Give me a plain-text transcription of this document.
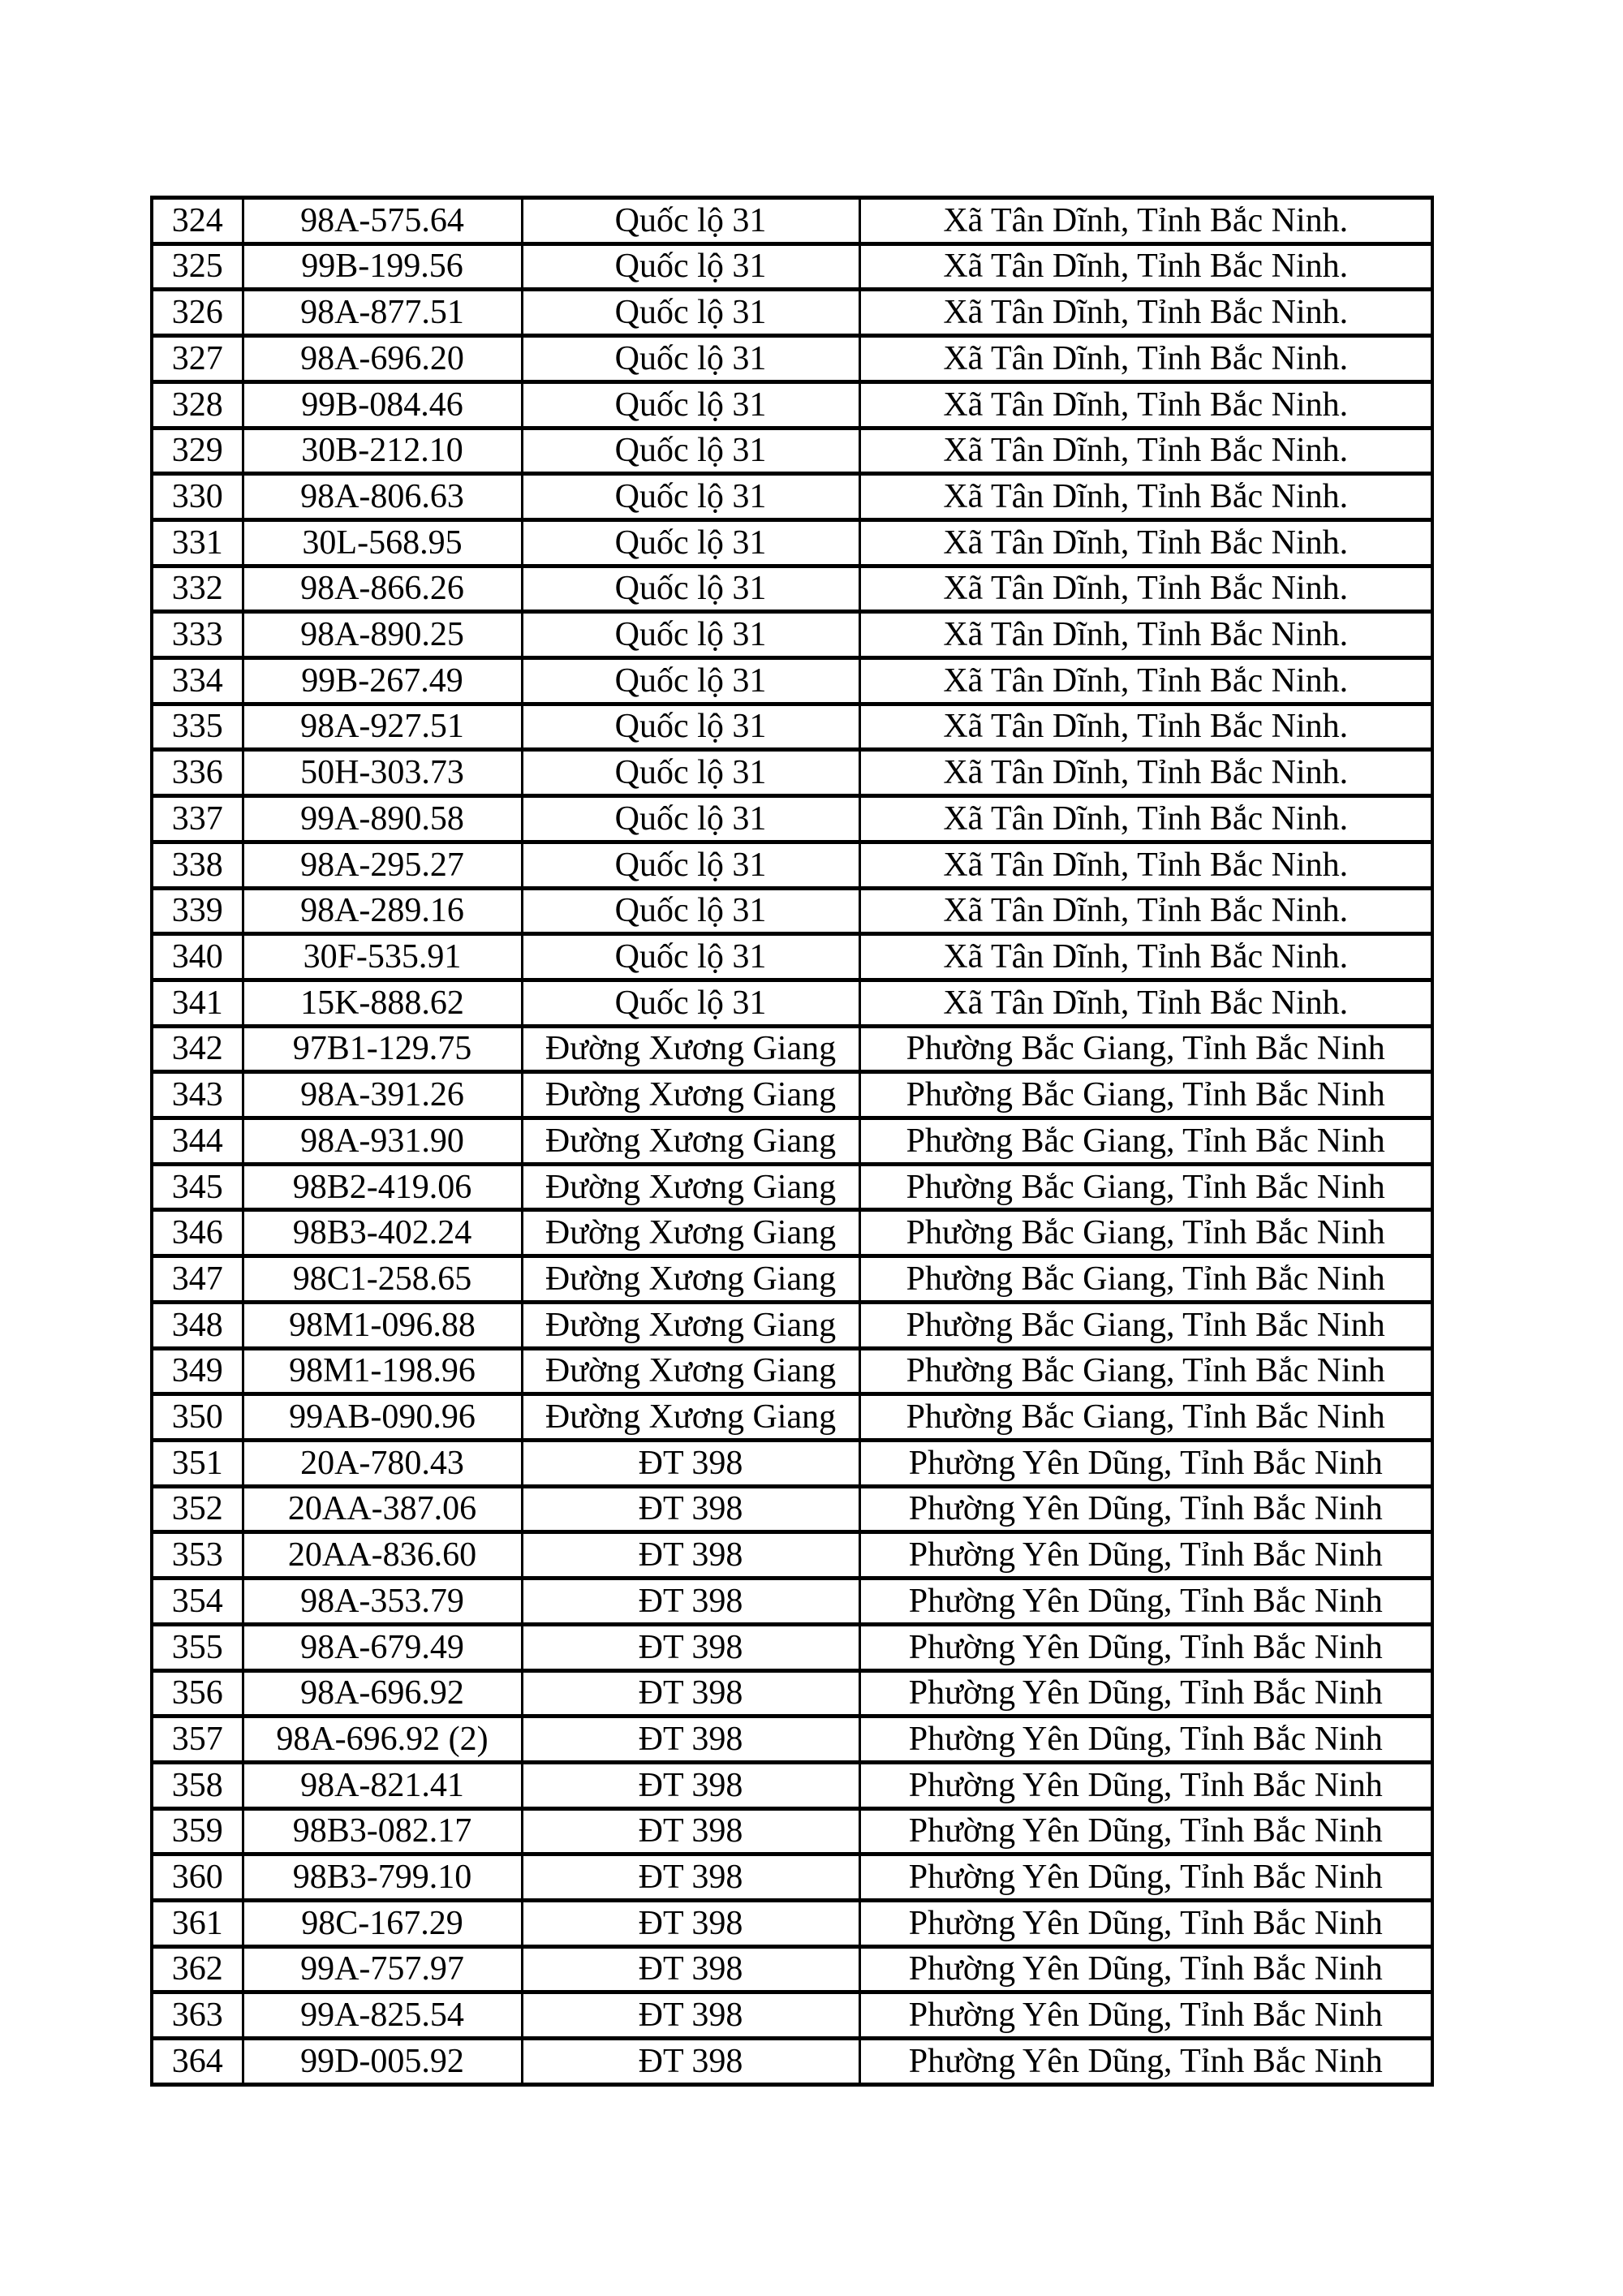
324	98A-575.64	Quốc lộ 31	Xã Tân Dĩnh, Tỉnh Bắc Ninh.
325	99B-199.56	Quốc lộ 31	Xã Tân Dĩnh, Tỉnh Bắc Ninh.
326	98A-877.51	Quốc lộ 31	Xã Tân Dĩnh, Tỉnh Bắc Ninh.
327	98A-696.20	Quốc lộ 31	Xã Tân Dĩnh, Tỉnh Bắc Ninh.
328	99B-084.46	Quốc lộ 31	Xã Tân Dĩnh, Tỉnh Bắc Ninh.
329	30B-212.10	Quốc lộ 31	Xã Tân Dĩnh, Tỉnh Bắc Ninh.
330	98A-806.63	Quốc lộ 31	Xã Tân Dĩnh, Tỉnh Bắc Ninh.
331	30L-568.95	Quốc lộ 31	Xã Tân Dĩnh, Tỉnh Bắc Ninh.
332	98A-866.26	Quốc lộ 31	Xã Tân Dĩnh, Tỉnh Bắc Ninh.
333	98A-890.25	Quốc lộ 31	Xã Tân Dĩnh, Tỉnh Bắc Ninh.
334	99B-267.49	Quốc lộ 31	Xã Tân Dĩnh, Tỉnh Bắc Ninh.
335	98A-927.51	Quốc lộ 31	Xã Tân Dĩnh, Tỉnh Bắc Ninh.
336	50H-303.73	Quốc lộ 31	Xã Tân Dĩnh, Tỉnh Bắc Ninh.
337	99A-890.58	Quốc lộ 31	Xã Tân Dĩnh, Tỉnh Bắc Ninh.
338	98A-295.27	Quốc lộ 31	Xã Tân Dĩnh, Tỉnh Bắc Ninh.
339	98A-289.16	Quốc lộ 31	Xã Tân Dĩnh, Tỉnh Bắc Ninh.
340	30F-535.91	Quốc lộ 31	Xã Tân Dĩnh, Tỉnh Bắc Ninh.
341	15K-888.62	Quốc lộ 31	Xã Tân Dĩnh, Tỉnh Bắc Ninh.
342	97B1-129.75	Đường Xương Giang	Phường Bắc Giang, Tỉnh Bắc Ninh
343	98A-391.26	Đường Xương Giang	Phường Bắc Giang, Tỉnh Bắc Ninh
344	98A-931.90	Đường Xương Giang	Phường Bắc Giang, Tỉnh Bắc Ninh
345	98B2-419.06	Đường Xương Giang	Phường Bắc Giang, Tỉnh Bắc Ninh
346	98B3-402.24	Đường Xương Giang	Phường Bắc Giang, Tỉnh Bắc Ninh
347	98C1-258.65	Đường Xương Giang	Phường Bắc Giang, Tỉnh Bắc Ninh
348	98M1-096.88	Đường Xương Giang	Phường Bắc Giang, Tỉnh Bắc Ninh
349	98M1-198.96	Đường Xương Giang	Phường Bắc Giang, Tỉnh Bắc Ninh
350	99AB-090.96	Đường Xương Giang	Phường Bắc Giang, Tỉnh Bắc Ninh
351	20A-780.43	ĐT 398	Phường Yên Dũng, Tỉnh Bắc Ninh
352	20AA-387.06	ĐT 398	Phường Yên Dũng, Tỉnh Bắc Ninh
353	20AA-836.60	ĐT 398	Phường Yên Dũng, Tỉnh Bắc Ninh
354	98A-353.79	ĐT 398	Phường Yên Dũng, Tỉnh Bắc Ninh
355	98A-679.49	ĐT 398	Phường Yên Dũng, Tỉnh Bắc Ninh
356	98A-696.92	ĐT 398	Phường Yên Dũng, Tỉnh Bắc Ninh
357	98A-696.92 (2)	ĐT 398	Phường Yên Dũng, Tỉnh Bắc Ninh
358	98A-821.41	ĐT 398	Phường Yên Dũng, Tỉnh Bắc Ninh
359	98B3-082.17	ĐT 398	Phường Yên Dũng, Tỉnh Bắc Ninh
360	98B3-799.10	ĐT 398	Phường Yên Dũng, Tỉnh Bắc Ninh
361	98C-167.29	ĐT 398	Phường Yên Dũng, Tỉnh Bắc Ninh
362	99A-757.97	ĐT 398	Phường Yên Dũng, Tỉnh Bắc Ninh
363	99A-825.54	ĐT 398	Phường Yên Dũng, Tỉnh Bắc Ninh
364	99D-005.92	ĐT 398	Phường Yên Dũng, Tỉnh Bắc Ninh
